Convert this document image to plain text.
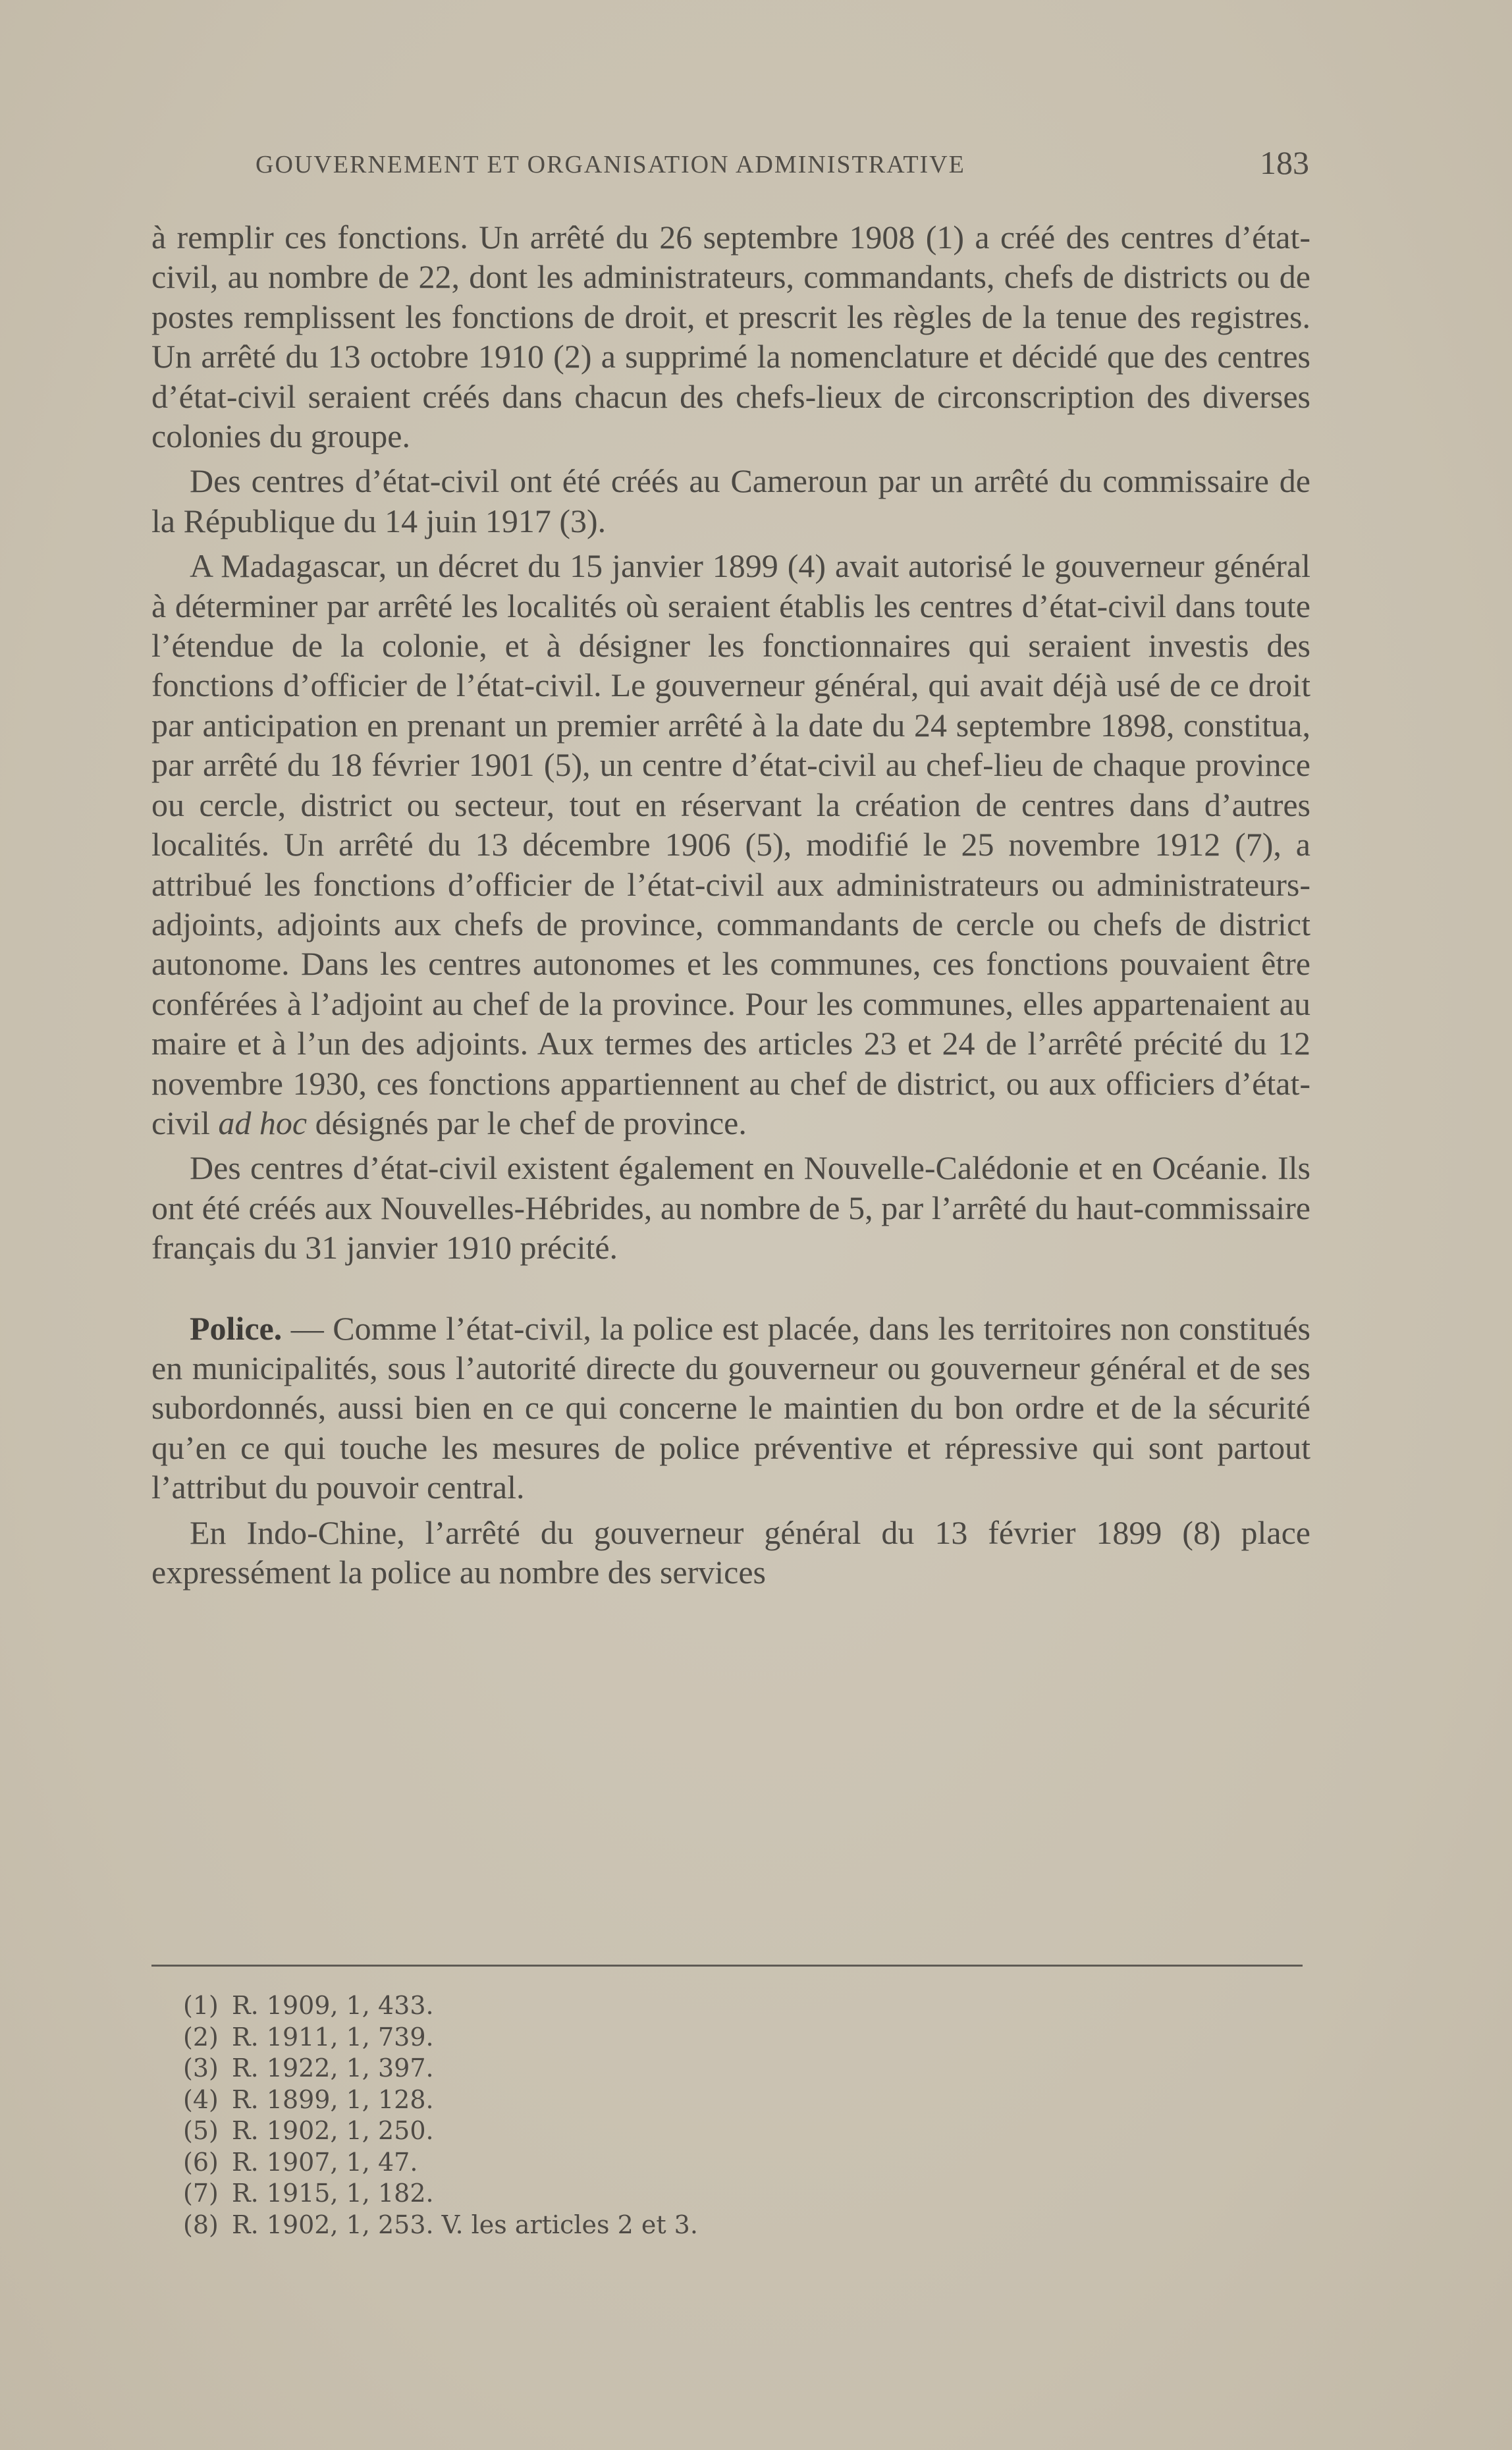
GOUVERNEMENT ET ORGANISATION ADMINISTRATIVE	183

à remplir ces fonctions. Un arrêté du 26 septembre 1908 (1) a créé des centres d’état-civil, au nombre de 22, dont les administrateurs, commandants, chefs de districts ou de postes remplissent les fonctions de droit, et prescrit les règles de la tenue des registres. Un arrêté du 13 octobre 1910 (2) a supprimé la nomenclature et décidé que des centres d’état-civil seraient créés dans chacun des chefs-lieux de circonscription des diverses colonies du groupe.

Des centres d’état-civil ont été créés au Cameroun par un arrêté du commissaire de la République du 14 juin 1917 (3).

A Madagascar, un décret du 15 janvier 1899 (4) avait autorisé le gouverneur général à déterminer par arrêté les localités où seraient établis les centres d’état-civil dans toute l’étendue de la colonie, et à désigner les fonctionnaires qui seraient investis des fonctions d’officier de l’état-civil. Le gouverneur général, qui avait déjà usé de ce droit par anticipation en prenant un premier arrêté à la date du 24 septembre 1898, constitua, par arrêté du 18 février 1901 (5), un centre d’état-civil au chef-lieu de chaque province ou cercle, district ou secteur, tout en réservant la création de centres dans d’autres localités. Un arrêté du 13 décembre 1906 (5), modifié le 25 novembre 1912 (7), a attribué les fonctions d’officier de l’état-civil aux administrateurs ou administrateurs-adjoints, adjoints aux chefs de province, commandants de cercle ou chefs de district autonome. Dans les centres autonomes et les communes, ces fonctions pouvaient être conférées à l’adjoint au chef de la province. Pour les communes, elles appartenaient au maire et à l’un des adjoints. Aux termes des articles 23 et 24 de l’arrêté précité du 12 novembre 1930, ces fonctions appartiennent au chef de district, ou aux officiers d’état-civil ad hoc désignés par le chef de province.

Des centres d’état-civil existent également en Nouvelle-Calédonie et en Océanie. Ils ont été créés aux Nouvelles-Hébrides, au nombre de 5, par l’arrêté du haut-commissaire français du 31 janvier 1910 précité.

Police. — Comme l’état-civil, la police est placée, dans les territoires non constitués en municipalités, sous l’autorité directe du gouverneur ou gouverneur général et de ses subordonnés, aussi bien en ce qui concerne le maintien du bon ordre et de la sécurité qu’en ce qui touche les mesures de police préventive et répressive qui sont partout l’attribut du pouvoir central.

En Indo-Chine, l’arrêté du gouverneur général du 13 février 1899 (8) place expressément la police au nombre des services

(1) R. 1909, 1, 433.
(2) R. 1911, 1, 739.
(3) R. 1922, 1, 397.
(4) R. 1899, 1, 128.
(5) R. 1902, 1, 250.
(6) R. 1907, 1, 47.
(7) R. 1915, 1, 182.
(8) R. 1902, 1, 253. V. les articles 2 et 3.
